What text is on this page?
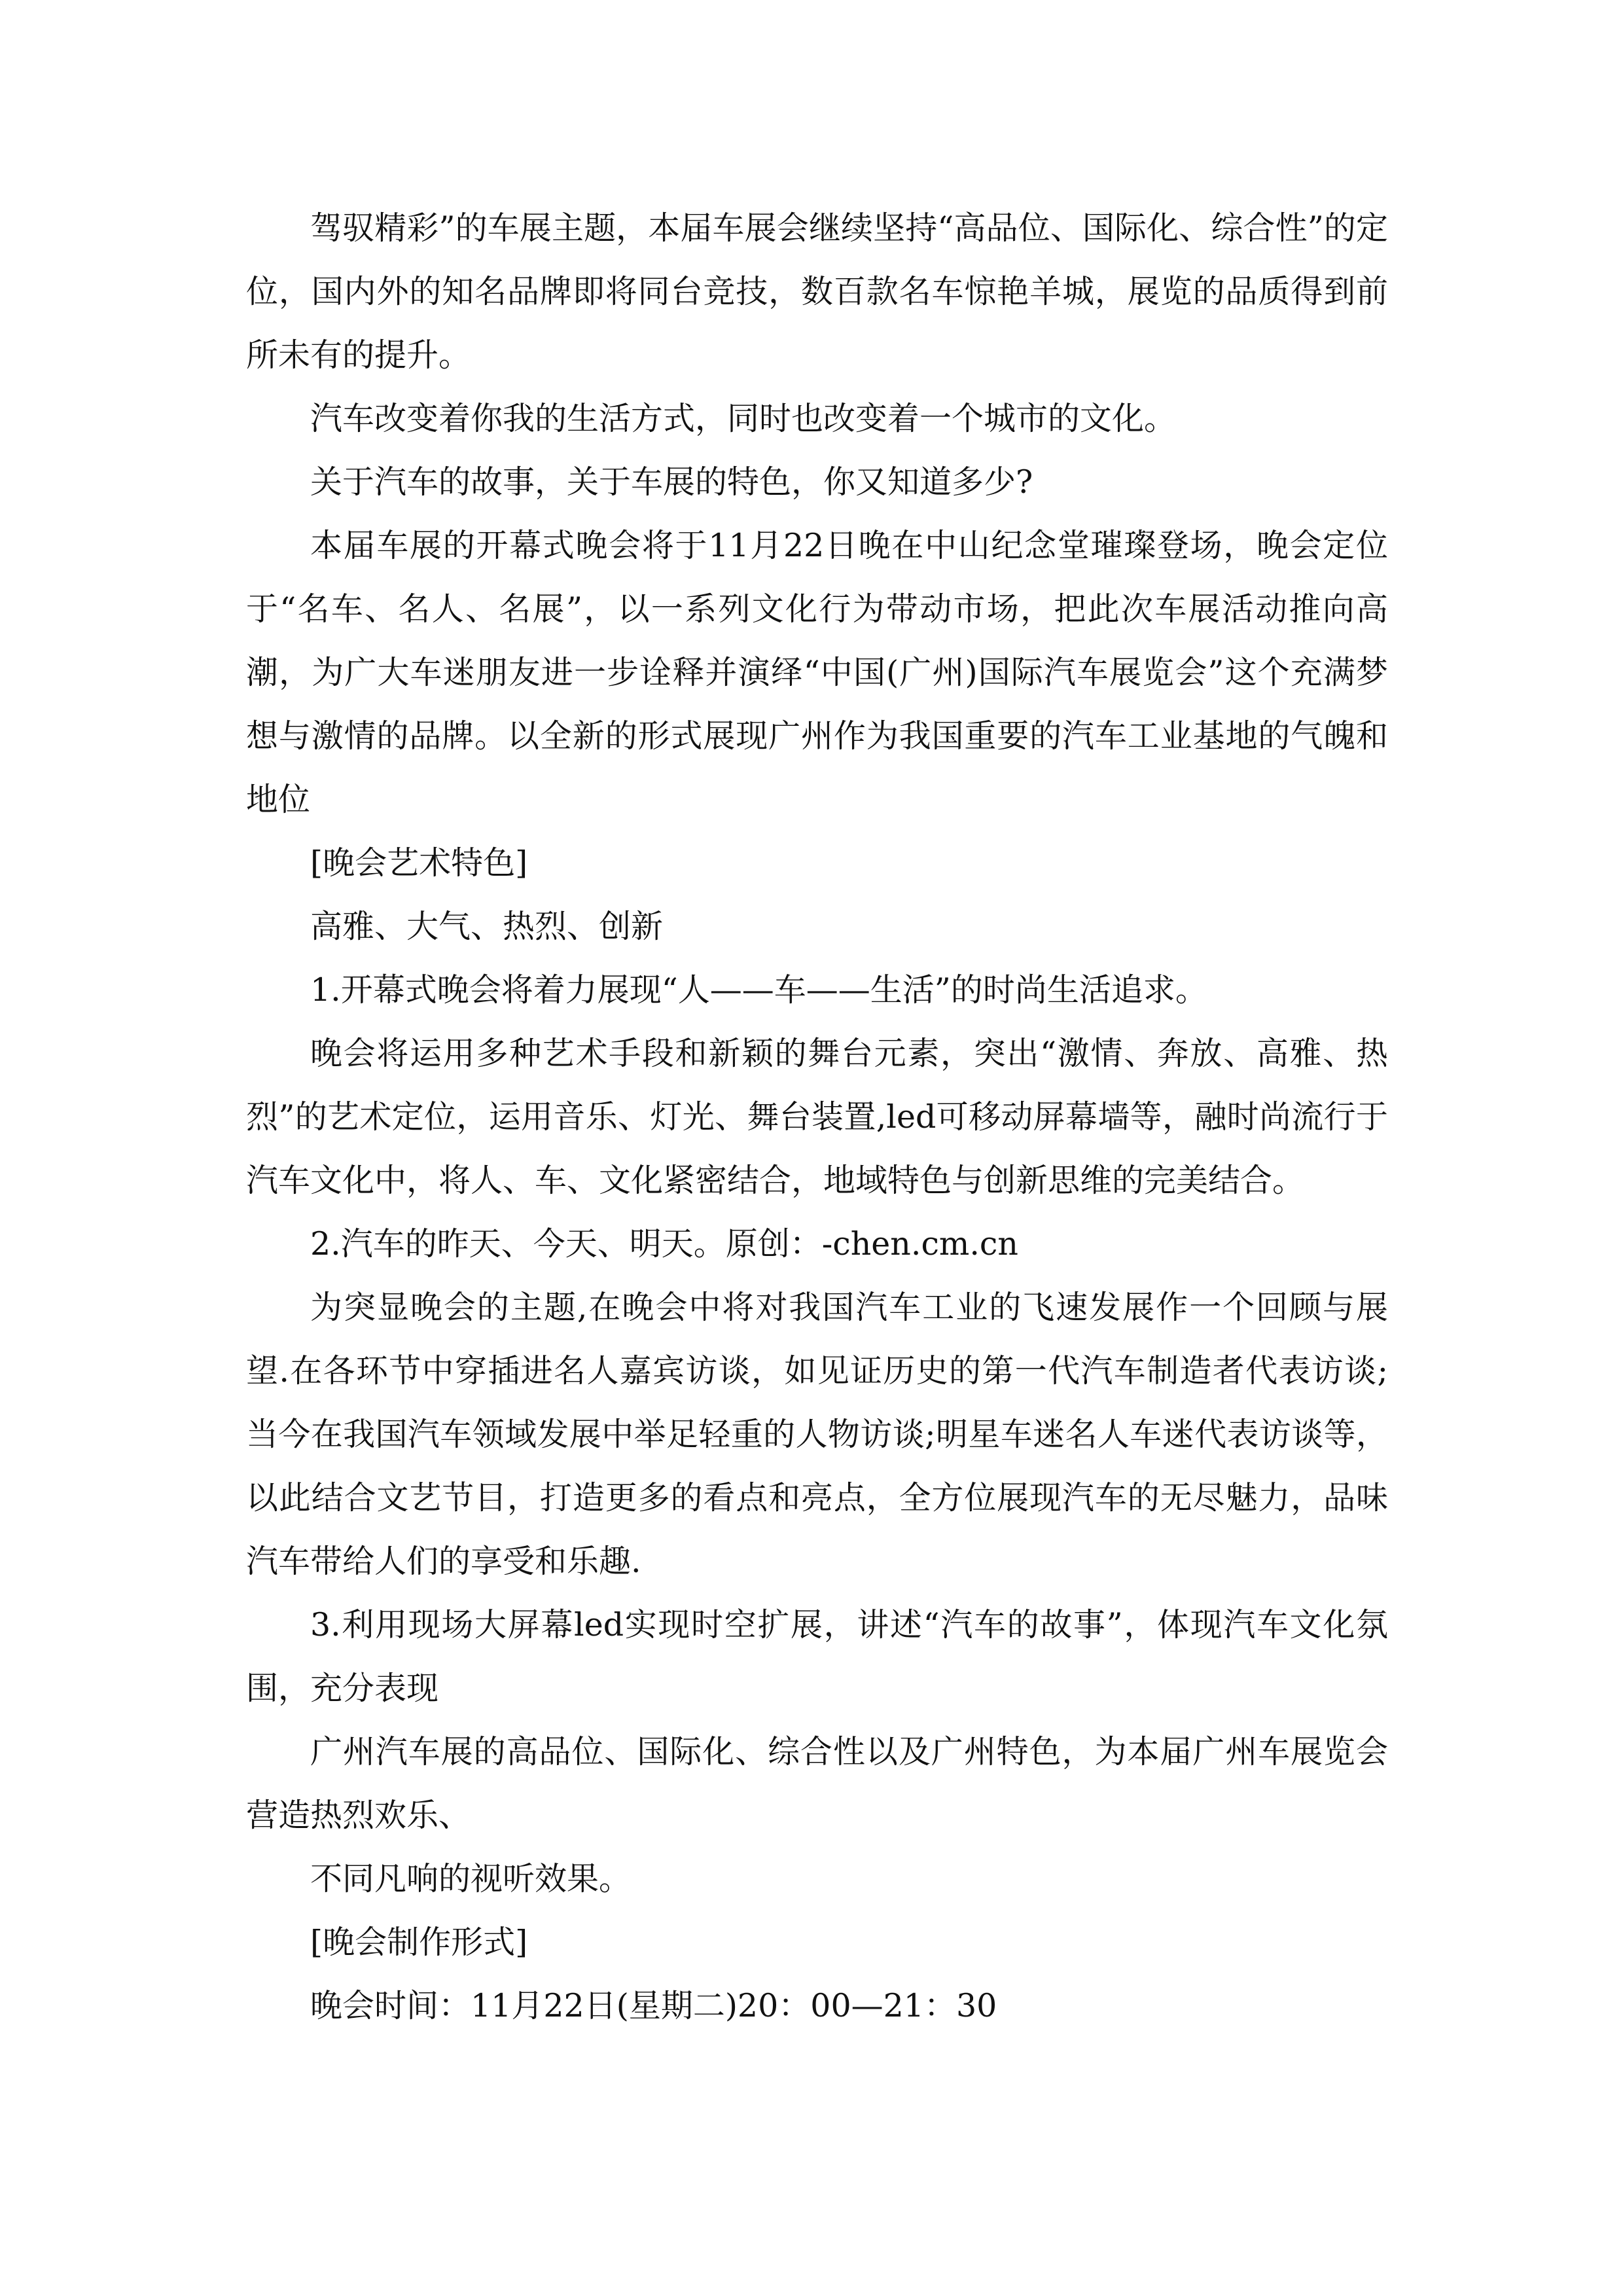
驾驭精彩”的车展主题，本届车展会继续坚持“高品位、国际化、综合性”的定位，国内外的知名品牌即将同台竞技，数百款名车惊艳羊城，展览的品质得到前所未有的提升。

汽车改变着你我的生活方式，同时也改变着一个城市的文化。

关于汽车的故事，关于车展的特色，你又知道多少?

本届车展的开幕式晚会将于11月22日晚在中山纪念堂璀璨登场，晚会定位于“名车、名人、名展”，以一系列文化行为带动市场，把此次车展活动推向高潮，为广大车迷朋友进一步诠释并演绎“中国(广州)国际汽车展览会”这个充满梦想与激情的品牌。以全新的形式展现广州作为我国重要的汽车工业基地的气魄和地位

[晚会艺术特色]

高雅、大气、热烈、创新

1.开幕式晚会将着力展现“人——车——生活”的时尚生活追求。

晚会将运用多种艺术手段和新颖的舞台元素，突出“激情、奔放、高雅、热烈”的艺术定位，运用音乐、灯光、舞台装置,led可移动屏幕墙等，融时尚流行于汽车文化中，将人、车、文化紧密结合，地域特色与创新思维的完美结合。

2.汽车的昨天、今天、明天。原创：-chen.cm.cn

为突显晚会的主题,在晚会中将对我国汽车工业的飞速发展作一个回顾与展望.在各环节中穿插进名人嘉宾访谈，如见证历史的第一代汽车制造者代表访谈;当今在我国汽车领域发展中举足轻重的人物访谈;明星车迷名人车迷代表访谈等，以此结合文艺节目，打造更多的看点和亮点，全方位展现汽车的无尽魅力，品味汽车带给人们的享受和乐趣.

3.利用现场大屏幕led实现时空扩展，讲述“汽车的故事”，体现汽车文化氛围，充分表现

广州汽车展的高品位、国际化、综合性以及广州特色，为本届广州车展览会营造热烈欢乐、

不同凡响的视听效果。

[晚会制作形式]

晚会时间：11月22日(星期二)20：00—21：30
